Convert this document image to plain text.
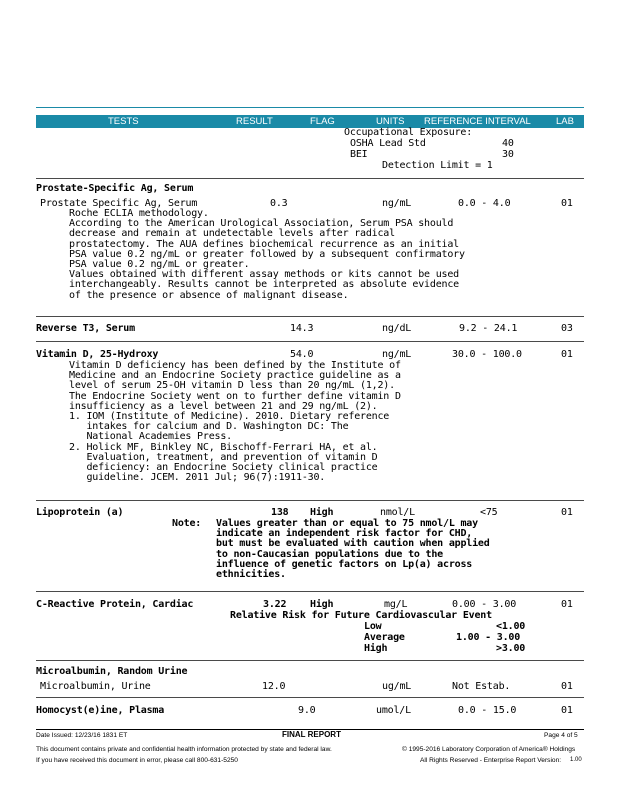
TESTS	RESULT	FLAG	UNITS REFERENCE INTERVAL	LAB
Occupational Exposure:
OSHA Lead Std	40
BEI	30
Detection Limit = 1
Prostate-Specific Ag, Serum
Prostate Specific Ag, Serum	0.3	ng/mL	0.0 - 4.0	01
Roche ECLIA methodology.
According to the American Urological Association, Serum PSA should
decrease and remain at undetectable levels after radical
prostatectomy. The AUA defines biochemical recurrence as an initial
PSA value 0.2 ng/mL or greater followed by a subsequent confirmatory
PSA value 0.2 ng/mL or greater.
Values obtained with different assay methods or kits cannot be used
interchangeably. Results cannot be interpreted as absolute evidence
of the presence or absence of malignant disease.
Reverse T3, Serum	14.3	ng/dL	9.2 - 24.1	03
Vitamin D, 25-Hydroxy	54.0	ng/mL	30.0 - 100.0	01
Vitamin D deficiency has been defined by the Institute of
Medicine and an Endocrine Society practice guideline as a
level of serum 25-OH vitamin D less than 20 ng/mL (1,2).
The Endocrine Society went on to further define vitamin D
insufficiency as a level between 21 and 29 ng/mL (2).
1. IOM (Institute of Medicine). 2010. Dietary reference
intakes for calcium and D. Washington DC: The
National Academies Press.
2. Holick MF, Binkley NC, Bischoff-Ferrari HA, et al.
Evaluation, treatment, and prevention of vitamin D
deficiency: an Endocrine Society clinical practice
guideline. JCEM. 2011 Jul; 96(7):1911-30.
Lipoprotein (a)	138 High	nmol/L	<75	01
Note: Values greater than or equal to 75 nmol/L may
indicate an independent risk factor for CHD,
but must be evaluated with caution when applied
to non-Caucasian populations due to the
influence of genetic factors on Lp(a) across
ethnicities.
C-Reactive Protein, Cardiac	3.22 High	mg/L	0.00 - 3.00	01
Relative Risk for Future Cardiovascular Event
Low	<1.00
Average	1.00 - 3.00
High	>3.00
Microalbumin, Random Urine
Microalbumin, Urine	12.0	ug/mL	Not Estab.	01
Homocyst(e)ine, Plasma	9.0	umol/L	0.0 - 15.0	01
Date Issued: 12/23/16 1831 ET	FINAL REPORT	Page 4 of 5
This document contains private and confidential health information protected by state and federal law.
If you have received this document in error, please call 800-631-5250
© 1995-2016 Laboratory Corporation of America® Holdings
All Rights Reserved - Enterprise Report Version: 1.00
